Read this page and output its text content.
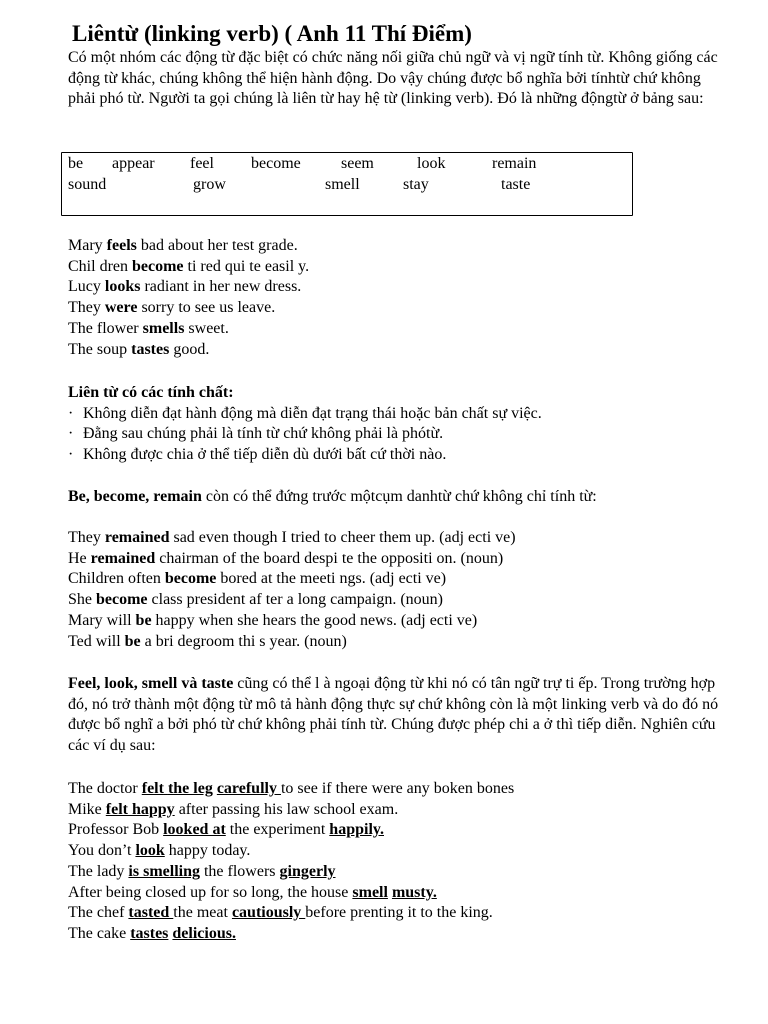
Liêntừ (linking verb) ( Anh 11 Thí Điểm)

Có một nhóm các động từ đặc biệt có chức năng nối giữa chủ ngữ và vị ngữ tính từ. Không giống các động từ khác, chúng không thể hiện hành động. Do vậy chúng được bổ nghĩa bởi tínhtừ chứ không phải phó từ. Người ta gọi chúng là liên từ hay hệ từ (linking verb). Đó là những độngtừ ở bảng sau:

be appear feel become	seem	look	remain
sound	grow	smell	stay	taste
Mary feels bad about her test grade.
Chil dren become ti red qui te easil y.
Lucy looks radiant in her new dress.
They were sorry to see us leave.
The flower smells sweet.
The soup tastes good.
Liên từ có các tính chất:
· Không diễn đạt hành động mà diễn đạt trạng thái hoặc bản chất sự việc.
· Đằng sau chúng phải là tính từ chứ không phải là phótừ.
· Không được chia ở thể tiếp diễn dù dưới bất cứ thời nào.
Be, become, remain còn có thể đứng trước mộtcụm danhtừ chứ không chỉ tính từ:
They remained sad even though I tried to cheer them up. (adj ecti ve)
He remained chairman of the board despi te the oppositi on. (noun)
Children often become bored at the meeti ngs. (adj ecti ve)
She become class president af ter a long campaign. (noun)
Mary will be happy when she hears the good news. (adj ecti ve)
Ted will be a bri degroom thi s year. (noun)
Feel, look, smell và taste cũng có thể l à ngoại động từ khi nó có tân ngữ trự ti ếp. Trong trường hợp đó, nó trở thành một động từ mô tả hành động thực sự chứ không còn là một linking verb và do đó nó được bổ nghĩ a bởi phó từ chứ không phải tính từ. Chúng được phép chi a ở thì tiếp diễn. Nghiên cứu các ví dụ sau:
The doctor felt the leg carefully to see if there were any boken bones
Mike felt happy after passing his law school exam.
Professor Bob looked at the experiment happily.
You don’t look happy today.
The lady is smelling the flowers gingerly
After being closed up for so long, the house smell musty.
The chef tasted the meat cautiously before prenting it to the king.
The cake tastes delicious.
